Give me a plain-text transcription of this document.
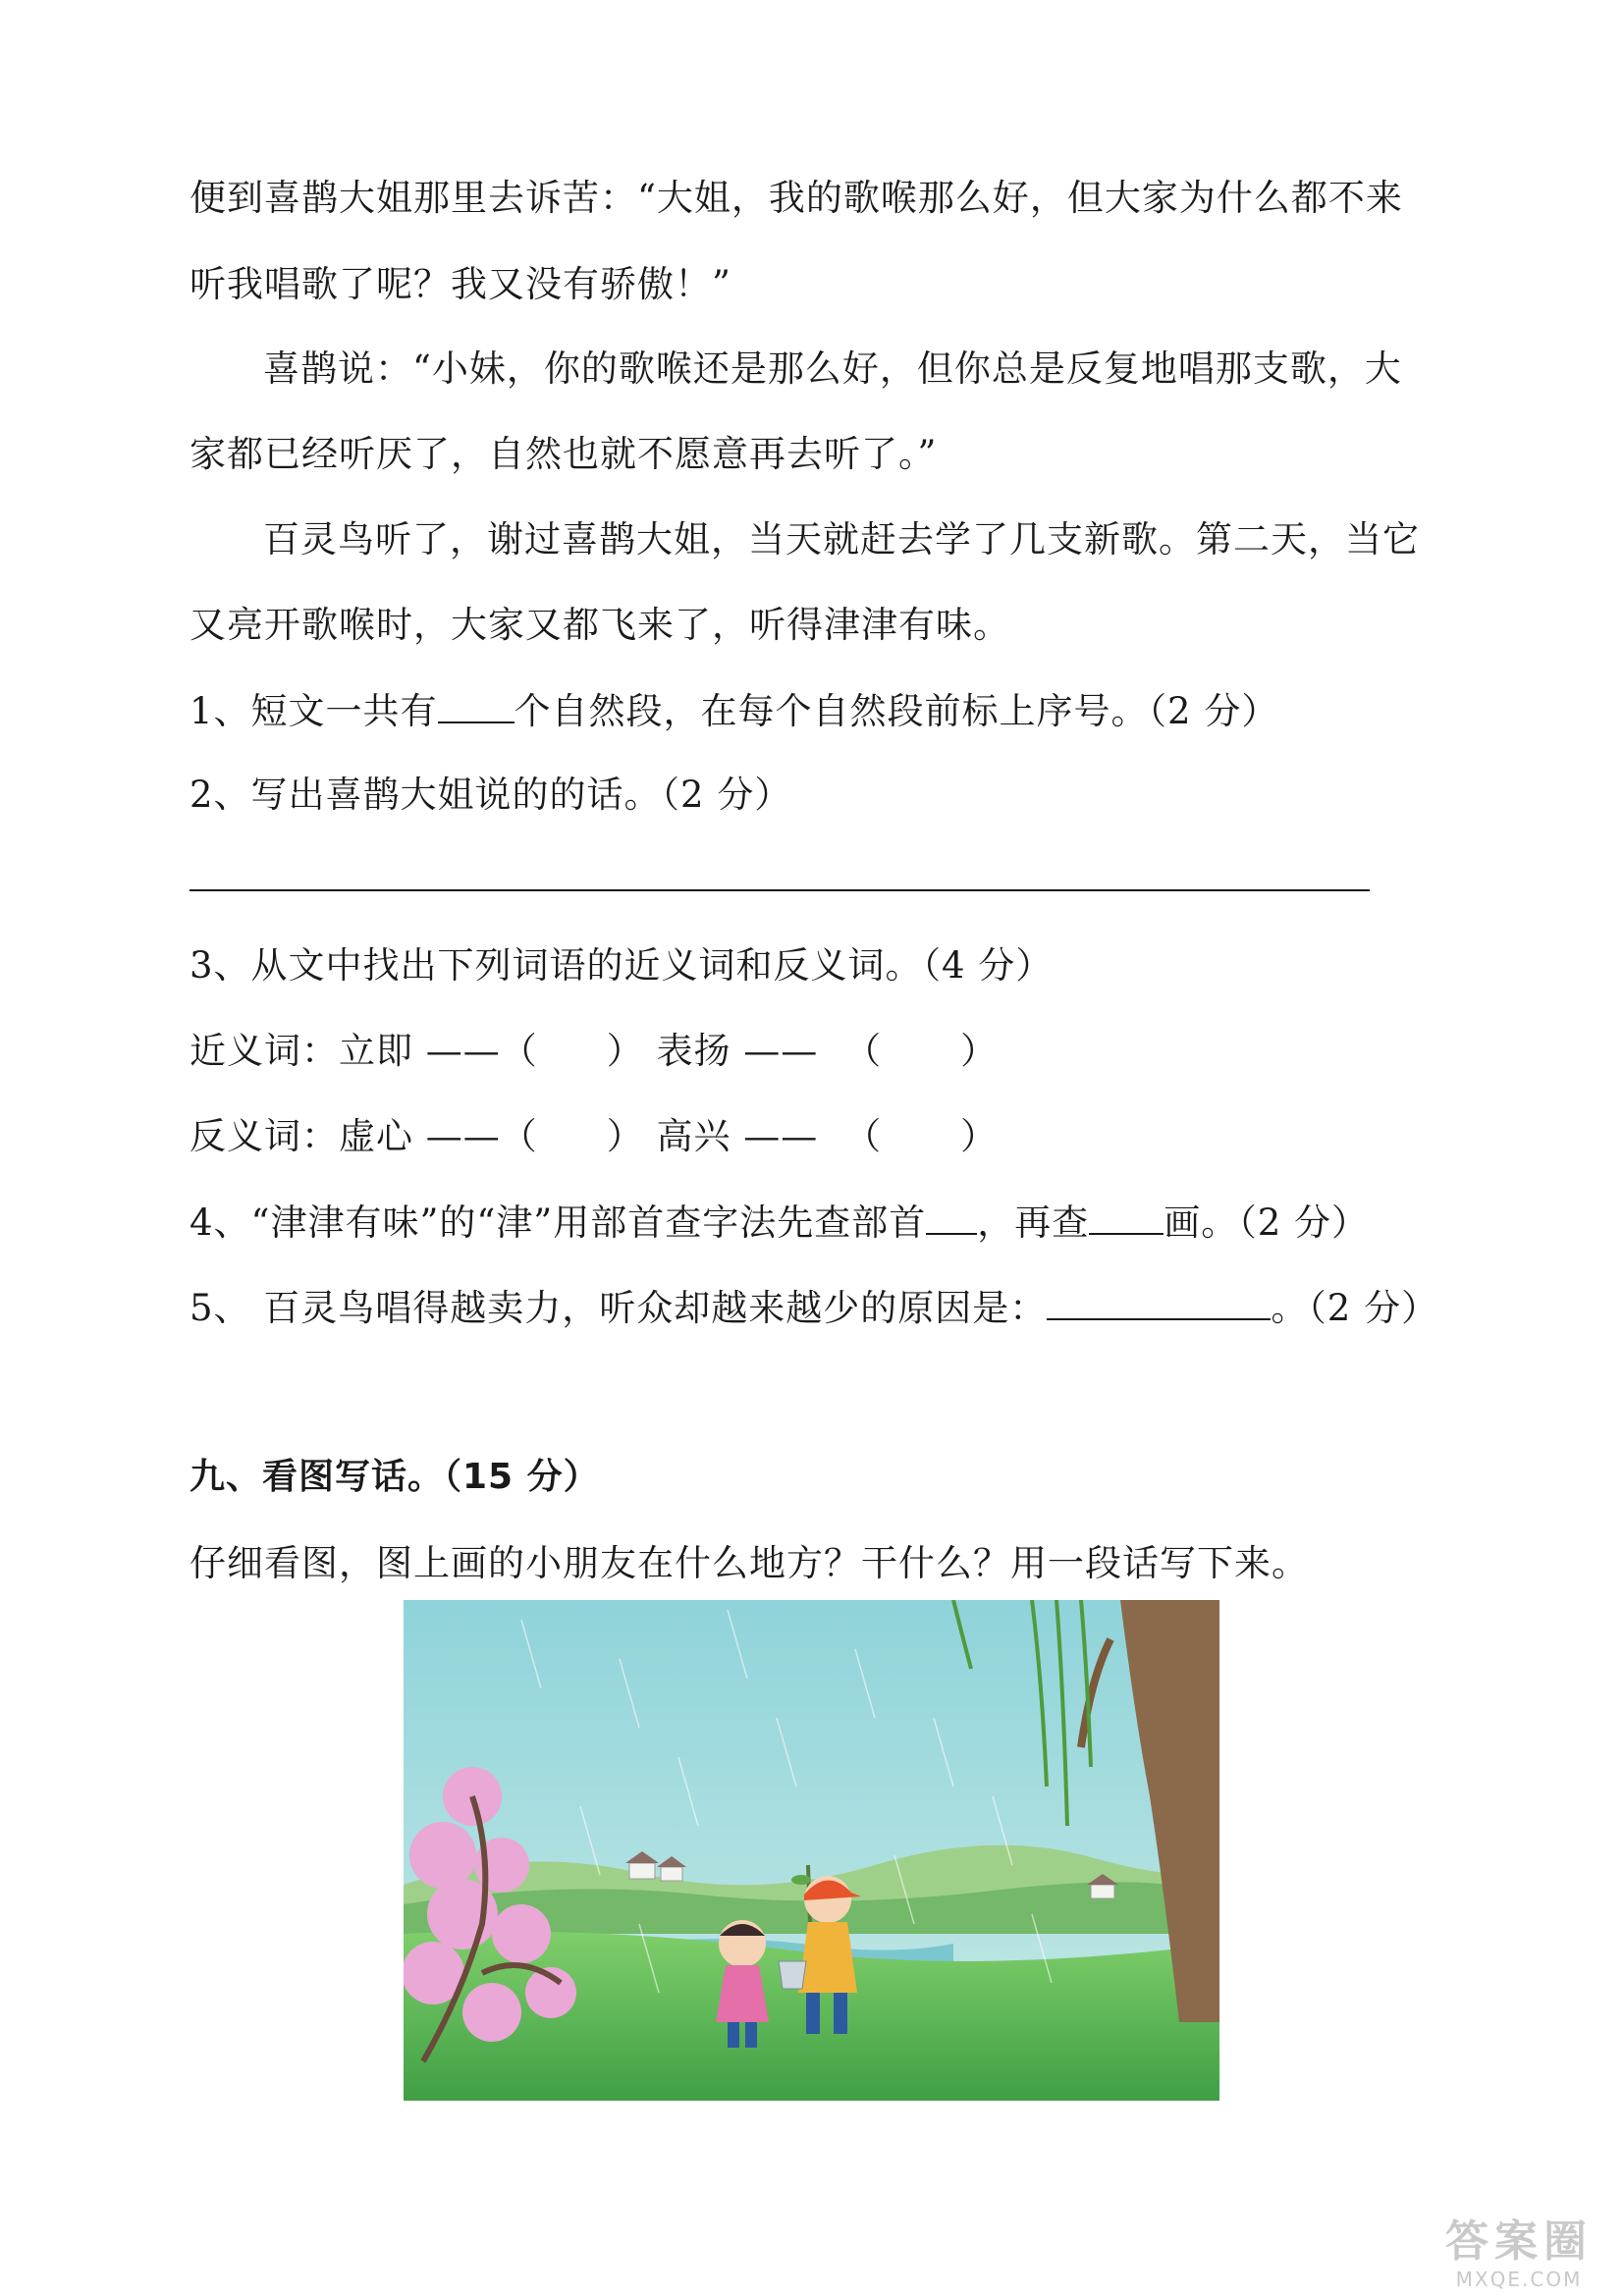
便到喜鹊大姐那里去诉苦：“大姐，我的歌喉那么好，但大家为什么都不来
听我唱歌了呢？我又没有骄傲！”
喜鹊说：“小妹，你的歌喉还是那么好，但你总是反复地唱那支歌，大
家都已经听厌了，自然也就不愿意再去听了。”
百灵鸟听了，谢过喜鹊大姐，当天就赶去学了几支新歌。第二天，当它
又亮开歌喉时，大家又都飞来了，听得津津有味。
1、短文一共有 个自然段，在每个自然段前标上序号。（2 分）
2、写出喜鹊大姐说的的话。（2 分）
3、从文中找出下列词语的近义词和反义词。（4 分）
近义词：立即 ——（ ） 表扬 —— （ ）
反义词：虚心 ——（ ） 高兴 —— （ ）
4、“津津有味”的“津”用部首查字法先查部首 ，再查 画。（2 分）
5、 百灵鸟唱得越卖力，听众却越来越少的原因是：	。（2 分）
九、看图写话。（15 分）
仔细看图，图上画的小朋友在什么地方？干什么？用一段话写下来。
答案圈
MXQE.COM
